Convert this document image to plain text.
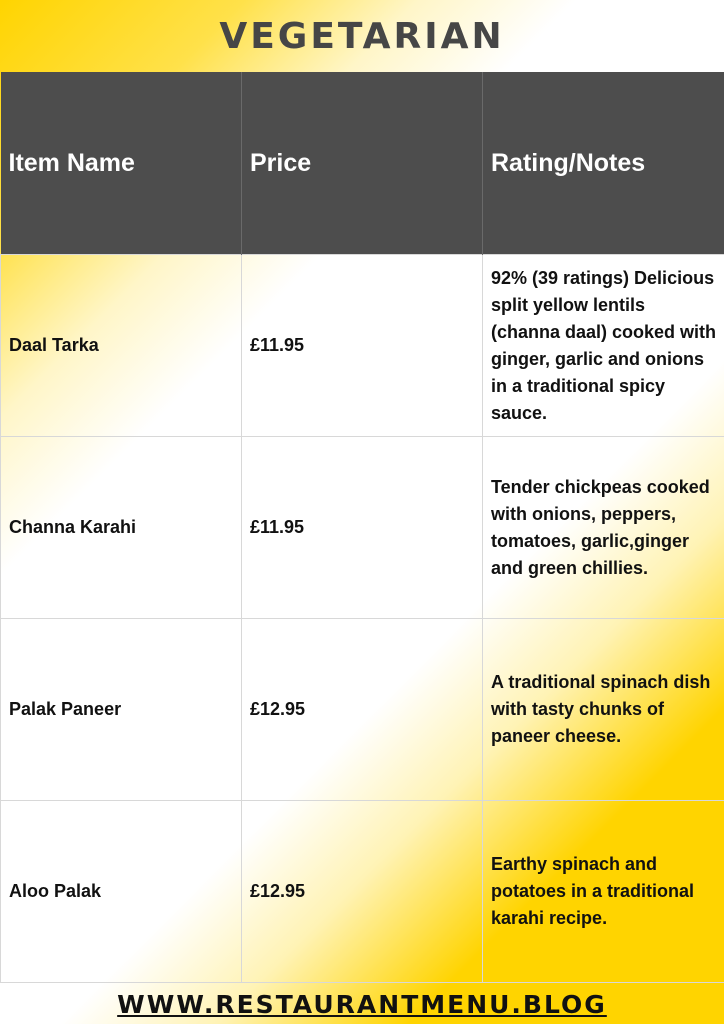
VEGETARIAN
Item Name	Price	Rating/Notes
Daal Tarka	£11.95	92% (39 ratings) Delicious split yellow lentils (channa daal) cooked with ginger, garlic and onions in a traditional spicy sauce.
Channa Karahi	£11.95	Tender chickpeas cooked with onions, peppers, tomatoes, garlic,ginger and green chillies.
Palak Paneer	£12.95	A traditional spinach dish with tasty chunks of paneer cheese.
Aloo Palak	£12.95	Earthy spinach and potatoes in a traditional karahi recipe.
WWW.RESTAURANTMENU.BLOG
